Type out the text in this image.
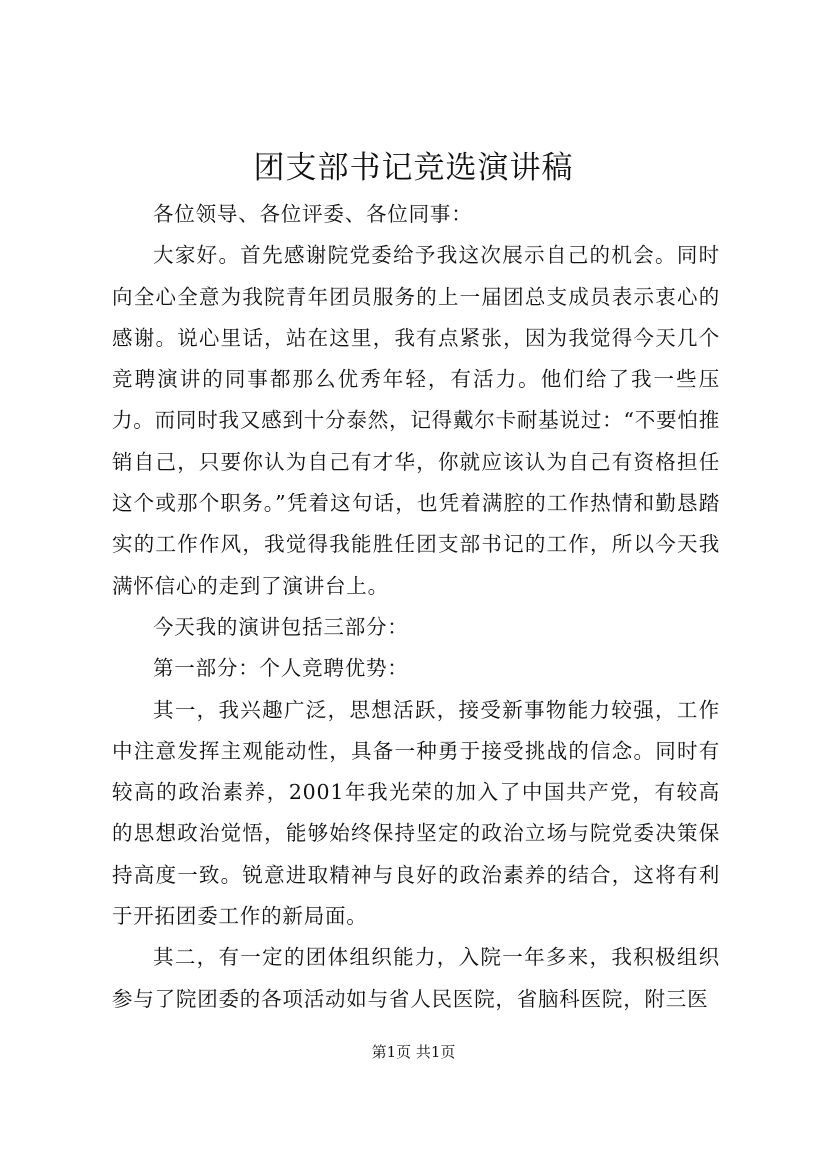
团支部书记竞选演讲稿

各位领导、各位评委、各位同事：

大家好。首先感谢院党委给予我这次展示自己的机会。同时向全心全意为我院青年团员服务的上一届团总支成员表示衷心的感谢。说心里话，站在这里，我有点紧张，因为我觉得今天几个竞聘演讲的同事都那么优秀年轻，有活力。他们给了我一些压力。而同时我又感到十分泰然，记得戴尔卡耐基说过：“不要怕推销自己，只要你认为自己有才华，你就应该认为自己有资格担任这个或那个职务。”凭着这句话，也凭着满腔的工作热情和勤恳踏实的工作作风，我觉得我能胜任团支部书记的工作，所以今天我满怀信心的走到了演讲台上。

今天我的演讲包括三部分：

第一部分：个人竞聘优势：

其一，我兴趣广泛，思想活跃，接受新事物能力较强，工作中注意发挥主观能动性，具备一种勇于接受挑战的信念。同时有较高的政治素养，2001年我光荣的加入了中国共产党，有较高的思想政治觉悟，能够始终保持坚定的政治立场与院党委决策保持高度一致。锐意进取精神与良好的政治素养的结合，这将有利于开拓团委工作的新局面。

其二，有一定的团体组织能力，入院一年多来，我积极组织参与了院团委的各项活动如与省人民医院，省脑科医院，附三医

第1页 共1页
